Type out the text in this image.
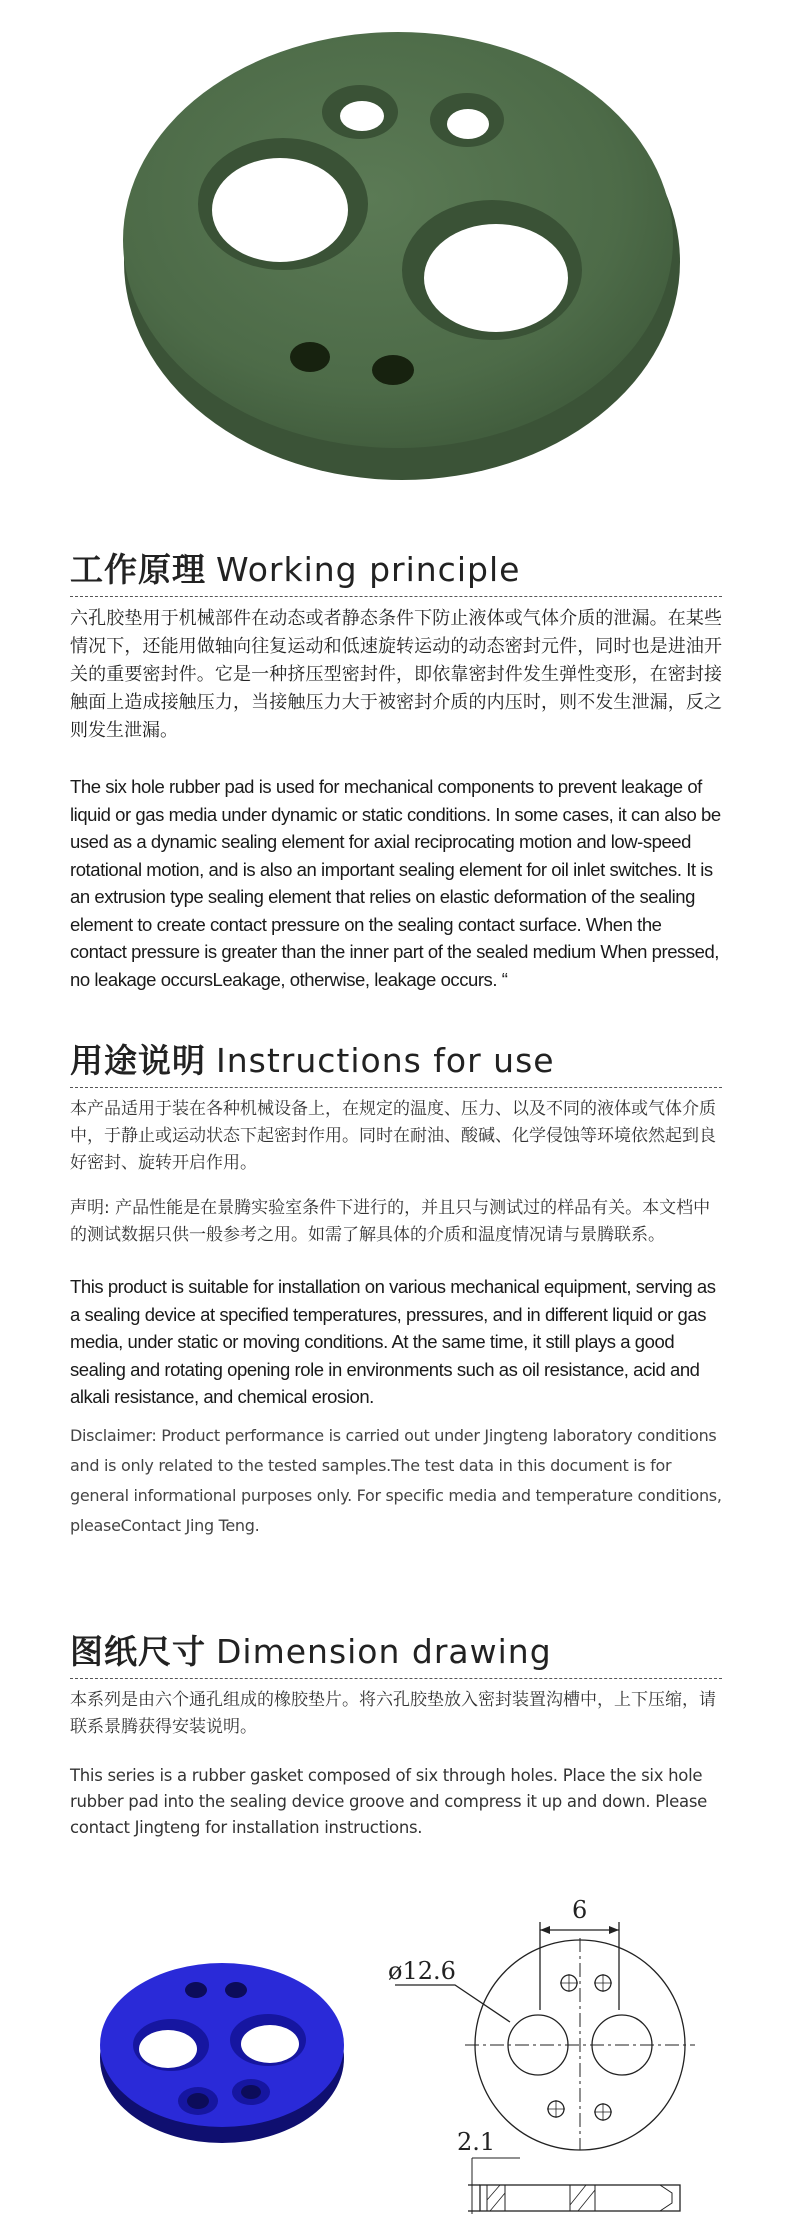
工作原理 Working principle

六孔胶垫用于机械部件在动态或者静态条件下防止液体或气体介质的泄漏。在某些情况下，还能用做轴向往复运动和低速旋转运动的动态密封元件，同时也是进油开关的重要密封件。它是一种挤压型密封件，即依靠密封件发生弹性变形，在密封接触面上造成接触压力，当接触压力大于被密封介质的内压时，则不发生泄漏，反之则发生泄漏。

The six hole rubber pad is used for mechanical components to prevent leakage of liquid or gas media under dynamic or static conditions. In some cases, it can also be used as a dynamic sealing element for axial reciprocating motion and low-speed rotational motion, and is also an important sealing element for oil inlet switches. It is an extrusion type sealing element that relies on elastic deformation of the sealing element to create contact pressure on the sealing contact surface. When the contact pressure is greater than the inner part of the sealed medium When pressed, no leakage occursLeakage, otherwise, leakage occurs. “

用途说明 Instructions for use

本产品适用于装在各种机械设备上，在规定的温度、压力、以及不同的液体或气体介质中，于静止或运动状态下起密封作用。同时在耐油、酸碱、化学侵蚀等环境依然起到良好密封、旋转开启作用。

声明: 产品性能是在景腾实验室条件下进行的，并且只与测试过的样品有关。本文档中的测试数据只供一般参考之用。如需了解具体的介质和温度情况请与景腾联系。

This product is suitable for installation on various mechanical equipment, serving as a sealing device at specified temperatures, pressures, and in different liquid or gas media, under static or moving conditions. At the same time, it still plays a good sealing and rotating opening role in environments such as oil resistance, acid and alkali resistance, and chemical erosion.

Disclaimer: Product performance is carried out under Jingteng laboratory conditions and is only related to the tested samples.The test data in this document is for general informational purposes only. For specific media and temperature conditions, pleaseContact Jing Teng.

图纸尺寸 Dimension drawing

本系列是由六个通孔组成的橡胶垫片。将六孔胶垫放入密封装置沟槽中，上下压缩，请联系景腾获得安装说明。

This series is a rubber gasket composed of six through holes. Place the six hole rubber pad into the sealing device groove and compress it up and down. Please contact Jingteng for installation instructions.

6
ø12.6
2.1
